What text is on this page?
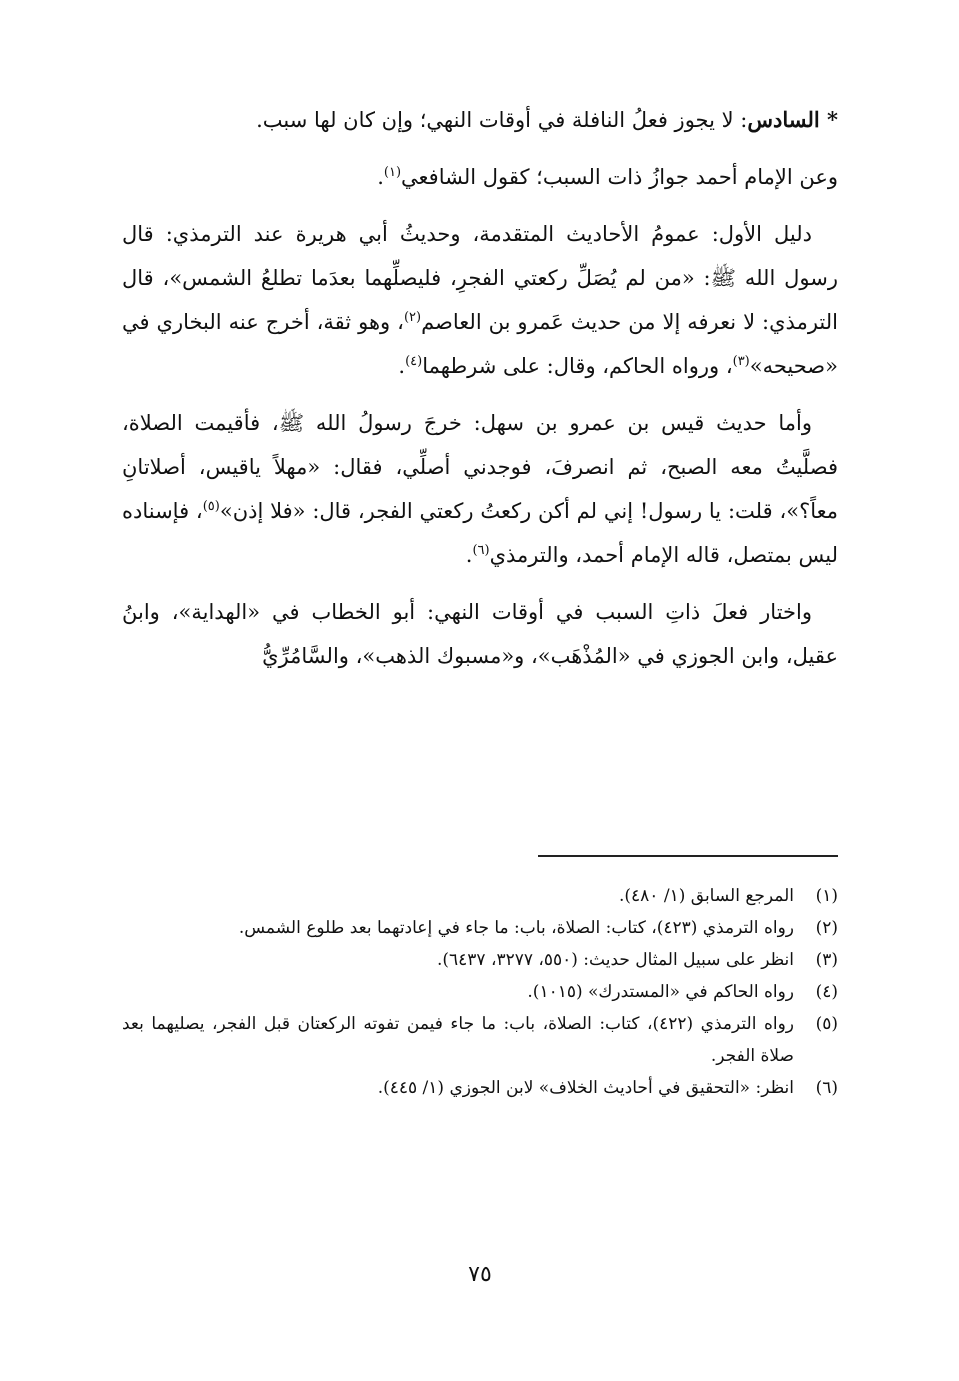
* السادس: لا يجوز فعلُ النافلة في أوقات النهي؛ وإن كان لها سبب.

وعن الإمام أحمد جوازُ ذات السبب؛ كقول الشافعي$^{(١)}$.

دليل الأول: عمومُ الأحاديث المتقدمة، وحديثُ أبي هريرة عند الترمذي: قال رسول الله ﷺ: «من لم يُصَلِّ ركعتي الفجرِ، فليصلِّهما بعدَما تطلعُ الشمس»، قال الترمذي: لا نعرفه إلا من حديث عَمرو بن العاصم$^{(٢)}$، وهو ثقة، أخرج عنه البخاري في «صحيحه»$^{(٣)}$، ورواه الحاكم، وقال: على شرطهما$^{(٤)}$.

وأما حديث قيس بن عمرو بن سهل: خرجَ رسولُ الله ﷺ، فأقيمت الصلاة، فصلَّيتُ معه الصبح، ثم انصرفَ، فوجدني أصلِّي، فقال: «مهلاً ياقيس، أصلاتانِ معاً؟»، قلت: يا رسول! إني لم أكن ركعتُ ركعتي الفجر، قال: «فلا إذن»$^{(٥)}$، فإسناده ليس بمتصل، قاله الإمام أحمد، والترمذي$^{(٦)}$.

واختار فعلَ ذاتِ السبب في أوقات النهي: أبو الخطاب في «الهداية»، وابنُ عقيل، وابن الجوزي في «المُذْهَب»، و«مسبوك الذهب»، والسَّامُرِّيُّ

(١)
المرجع السابق (١/ ٤٨٠).
(٢)
رواه الترمذي (٤٢٣)، كتاب: الصلاة، باب: ما جاء في إعادتهما بعد طلوع الشمس.
(٣)
انظر على سبيل المثال حديث: (٥٥٠، ٣٢٧٧، ٦٤٣٧).
(٤)
رواه الحاكم في «المستدرك» (١٠١٥).
(٥)
رواه الترمذي (٤٢٢)، كتاب: الصلاة، باب: ما جاء فيمن تفوته الركعتان قبل الفجر، يصليهما بعد صلاة الفجر.
(٦)
انظر: «التحقيق في أحاديث الخلاف» لابن الجوزي (١/ ٤٤٥).
٧٥
